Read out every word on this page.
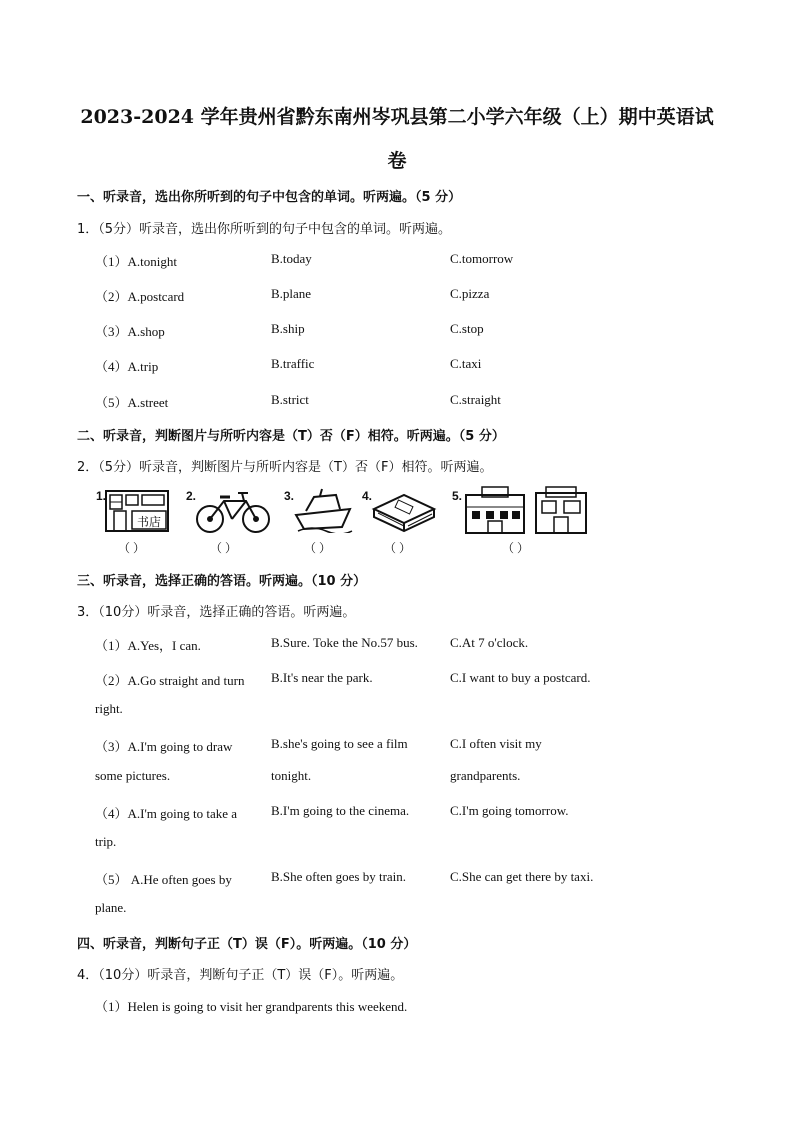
2023-2024 学年贵州省黔东南州岑巩县第二小学六年级（上）期中英语试
卷
一、听录音，选出你所听到的句子中包含的单词。听两遍。（5 分）
1．（5分）听录音，选出你所听到的句子中包含的单词。听两遍。
（1）A.tonight	B.today	C.tomorrow
（2）A.postcard	B.plane	C.pizza
（3）A.shop	B.ship	C.stop
（4）A.trip	B.traffic	C.taxi
（5）A.street	B.strict	C.straight
二、听录音，判断图片与所听内容是（T）否（F）相符。听两遍。（5 分）
2．（5分）听录音，判断图片与所听内容是（T）否（F）相符。听两遍。
1.
书店
（ ）
2.
（ ）
3.
（ ）
4.
（ ）
5.
（ ）
三、听录音，选择正确的答语。听两遍。（10 分）
3．（10分）听录音，选择正确的答语。听两遍。
（1）A.Yes，I can.	B.Sure. Toke the No.57 bus. C.At 7 o'clock.
（2）A.Go straight and turn
right.
B.It's near the park.	C.I want to buy a postcard.
（3）A.I'm going to draw
some pictures.
B.she's going to see a film
tonight.
C.I often visit my
grandparents.
（4）A.I'm going to take a
trip.
B.I'm going to the cinema.	C.I'm going tomorrow.
（5） A.He often goes by
plane.
B.She often goes by train.	C.She can get there by taxi.
四、听录音，判断句子正（T）误（F）。听两遍。（10 分）
4．（10分）听录音，判断句子正（T）误（F）。听两遍。
（1）Helen is going to visit her grandparents this weekend.
